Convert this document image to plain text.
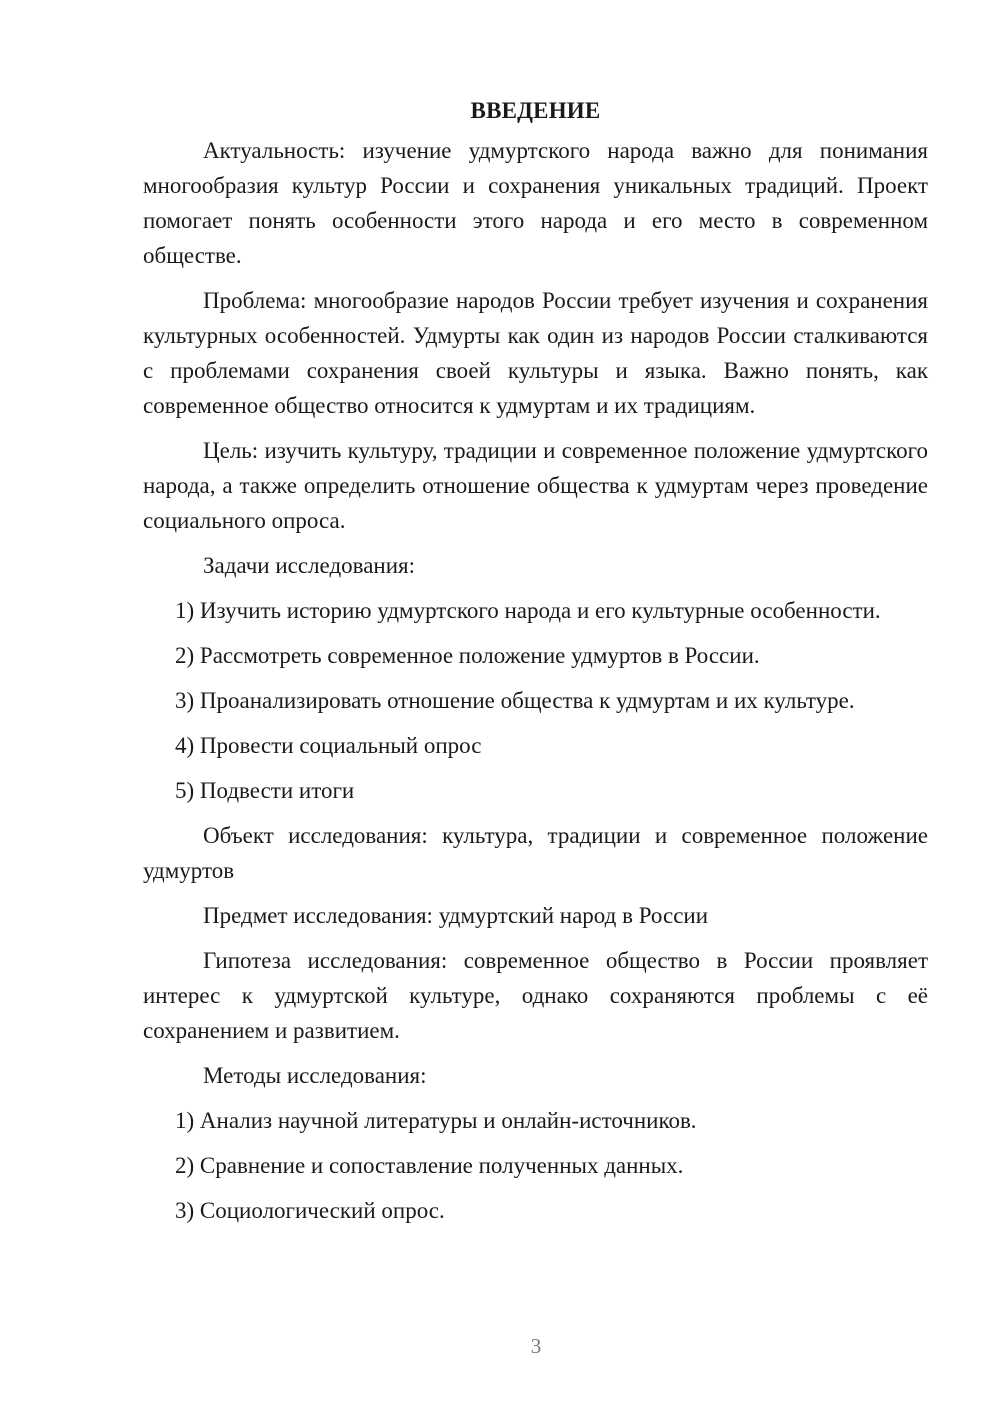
ВВЕДЕНИЕ

Актуальность: изучение удмуртского народа важно для понимания многообразия культур России и сохранения уникальных традиций. Проект помогает понять особенности этого народа и его место в современном обществе.

Проблема: многообразие народов России требует изучения и сохранения культурных особенностей. Удмурты как один из народов России сталкиваются с проблемами сохранения своей культуры и языка. Важно понять, как современное общество относится к удмуртам и их традициям.

Цель: изучить культуру, традиции и современное положение удмуртского народа, а также определить отношение общества к удмуртам через проведение социального опроса.

Задачи исследования:

1) Изучить историю удмуртского народа и его культурные особенности.

2) Рассмотреть современное положение удмуртов в России.

3) Проанализировать отношение общества к удмуртам и их культуре.

4) Провести социальный опрос

5) Подвести итоги

Объект исследования: культура, традиции и современное положение удмуртов

Предмет исследования: удмуртский народ в России

Гипотеза исследования: современное общество в России проявляет интерес к удмуртской культуре, однако сохраняются проблемы с её сохранением и развитием.

Методы исследования:

1) Анализ научной литературы и онлайн-источников.

2) Сравнение и сопоставление полученных данных.

3) Социологический опрос.

3
